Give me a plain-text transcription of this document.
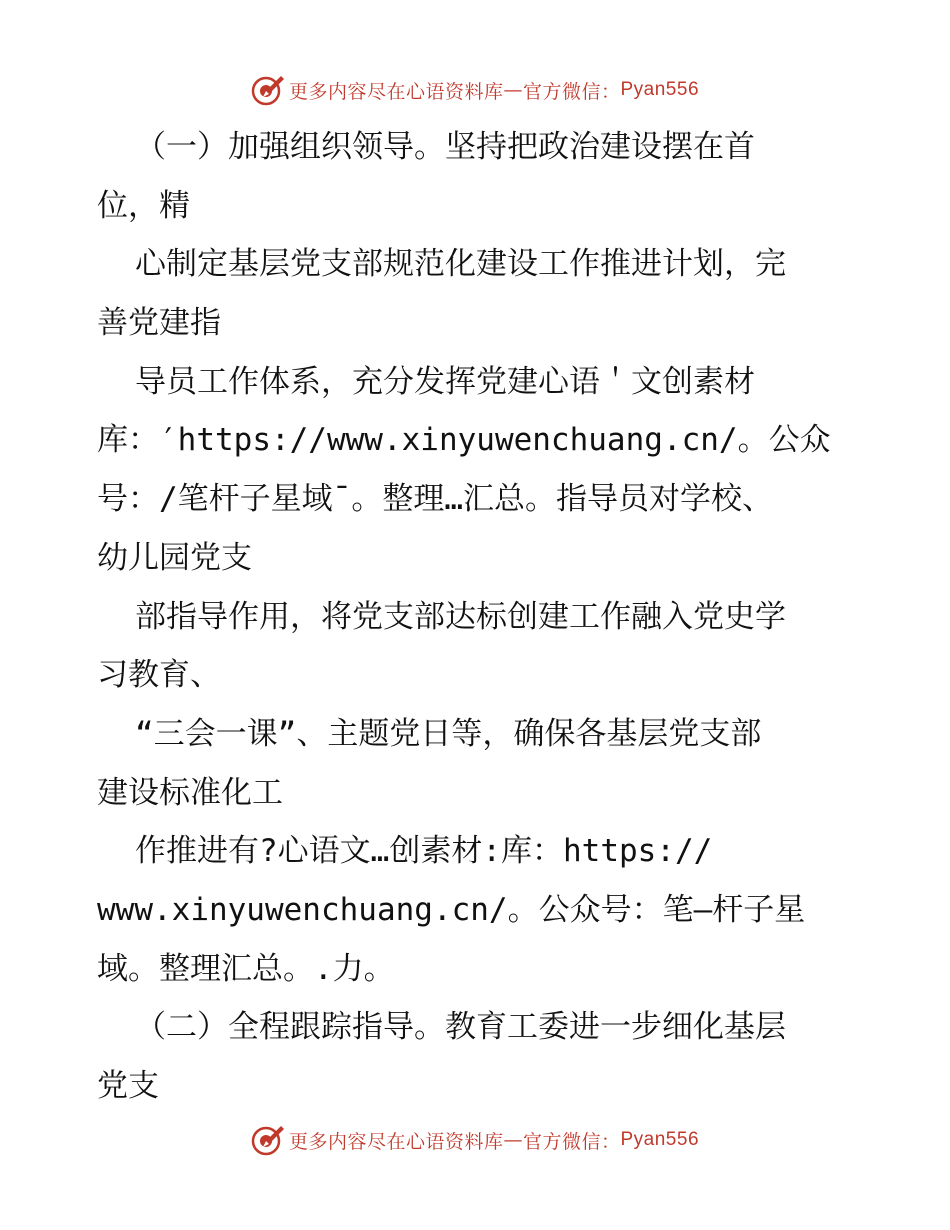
更多内容尽在心语资料库 — 官方微信： Pyan556
（一）加强组织领导。坚持把政治建设摆在首
位，精
心制定基层党支部规范化建设工作推进计划，完
善党建指
导员工作体系，充分发挥党建心语＇文创素材
库：′https://www.xinyuwenchuang.cn/。公众
号：/笔杆子星域¯。整理…汇总。指导员对学校、
幼儿园党支
部指导作用，将党支部达标创建工作融入党史学
习教育、
“三会一课”、主题党日等，确保各基层党支部
建设标准化工
作推进有?心语文…创素材:库：https://
www.xinyuwenchuang.cn/。公众号：笔—杆子星
域。整理汇总。.力。
（二）全程跟踪指导。教育工委进一步细化基层
党支
更多内容尽在心语资料库 — 官方微信： Pyan556
